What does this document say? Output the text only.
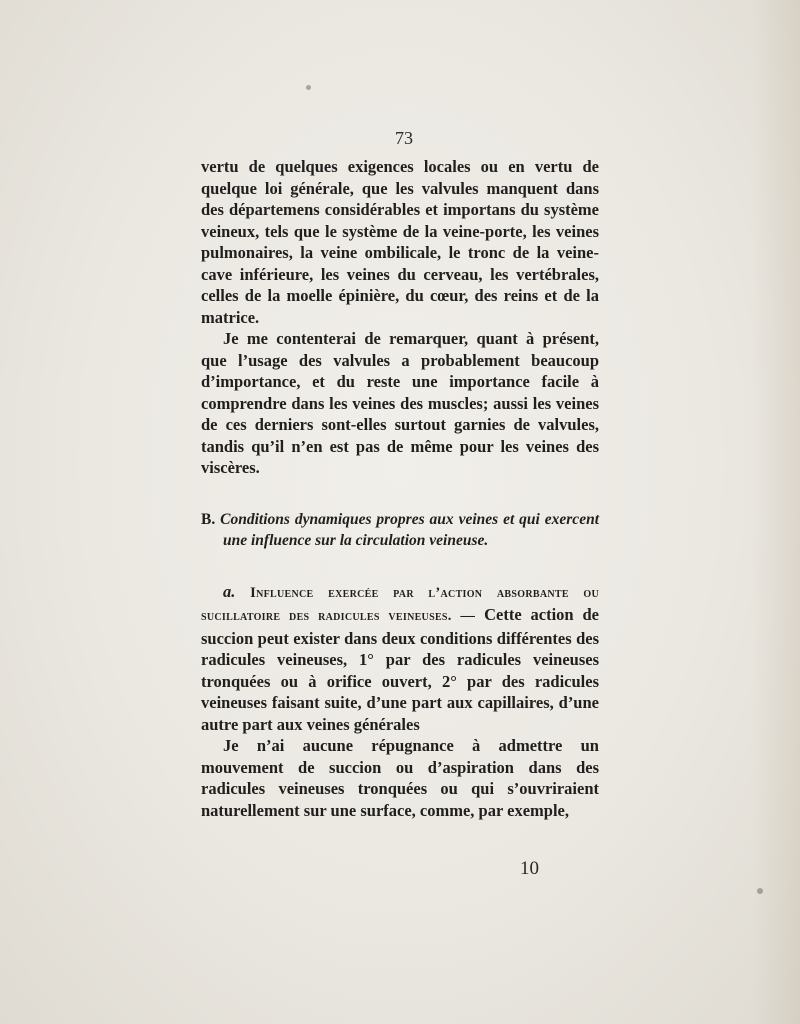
73

vertu de quelques exigences locales ou en vertu de quelque loi générale, que les valvules manquent dans des départemens considérables et importans du système veineux, tels que le système de la veine-porte, les veines pulmonaires, la veine ombilicale, le tronc de la veine-cave inférieure, les veines du cerveau, les vertébrales, celles de la moelle épinière, du cœur, des reins et de la matrice.

Je me contenterai de remarquer, quant à présent, que l’usage des valvules a probablement beaucoup d’importance, et du reste une importance facile à comprendre dans les veines des muscles; aussi les veines de ces derniers sont-elles surtout garnies de valvules, tandis qu’il n’en est pas de même pour les veines des viscères.

B. Conditions dynamiques propres aux veines et qui exercent une influence sur la circulation veineuse.

a. Influence exercée par l’action absorbante ou sucillatoire des radicules veineuses. — Cette action de succion peut exister dans deux conditions différentes des radicules veineuses, 1° par des radicules veineuses tronquées ou à orifice ouvert, 2° par des radicules veineuses faisant suite, d’une part aux capillaires, d’une autre part aux veines générales

Je n’ai aucune répugnance à admettre un mouvement de succion ou d’aspiration dans des radicules veineuses tronquées ou qui s’ouvriraient naturellement sur une surface, comme, par exemple,

10
